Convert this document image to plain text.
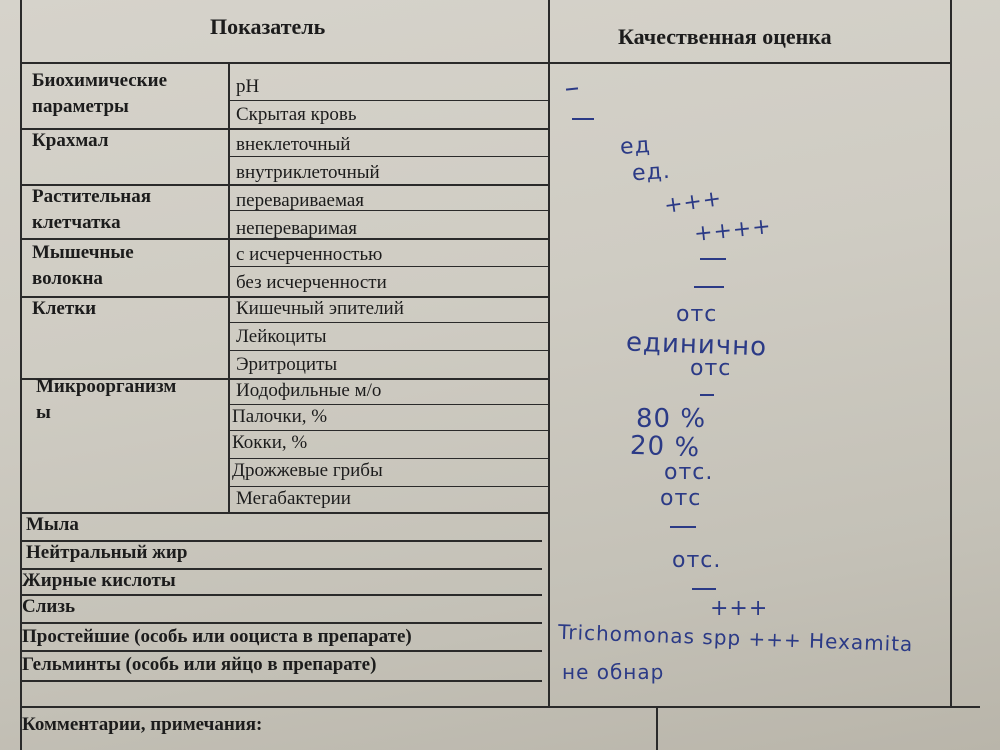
Показатель	Качественная оценка
Биохимические
параметры
Крахмал
Растительная
клетчатка
Мышечные
волокна
Клетки
Микроорганизм
ы
Мыла
Нейтральный жир
Жирные кислоты
Слизь
Простейшие (особь или ооциста в препарате)
Гельминты (особь или яйцо в препарате)
pH
Скрытая кровь
внеклеточный
внутриклеточный
перевариваемая
непереваримая
с исчерченностью
без исчерченности
Кишечный эпителий
Лейкоциты
Эритроциты
Иодофильные м/о
Палочки, %
Кокки, %
Дрожжевые грибы
Мегабактерии
ед
ед.
+++
++++
отс
единично
отс
80 %
20 %
отс.
отс
отс.
+++
Trichomonas spp +++ Hexamita
не обнар
Комментарии, примечания:
